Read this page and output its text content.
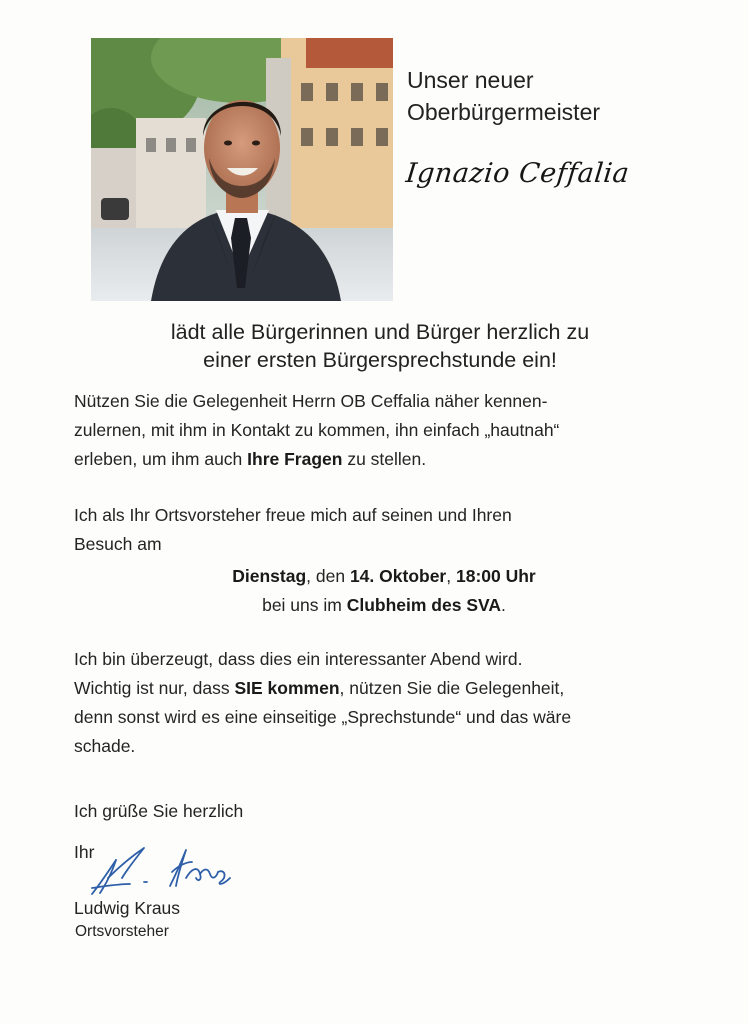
Unser neuer
Oberbürgermeister
Ignazio Ceffalia
lädt alle Bürgerinnen und Bürger herzlich zu
einer ersten Bürgersprechstunde ein!
Nützen Sie die Gelegenheit Herrn OB Ceffalia näher kennen-
zulernen, mit ihm in Kontakt zu kommen, ihn einfach „hautnah“
erleben, um ihm auch Ihre Fragen zu stellen.
Ich als Ihr Ortsvorsteher freue mich auf seinen und Ihren
Besuch am
Dienstag, den 14. Oktober, 18:00 Uhr
bei uns im Clubheim des SVA.
Ich bin überzeugt, dass dies ein interessanter Abend wird.
Wichtig ist nur, dass SIE kommen, nützen Sie die Gelegenheit,
denn sonst wird es eine einseitige „Sprechstunde“ und das wäre
schade.
Ich grüße Sie herzlich
Ihr
Ludwig Kraus
Ortsvorsteher
